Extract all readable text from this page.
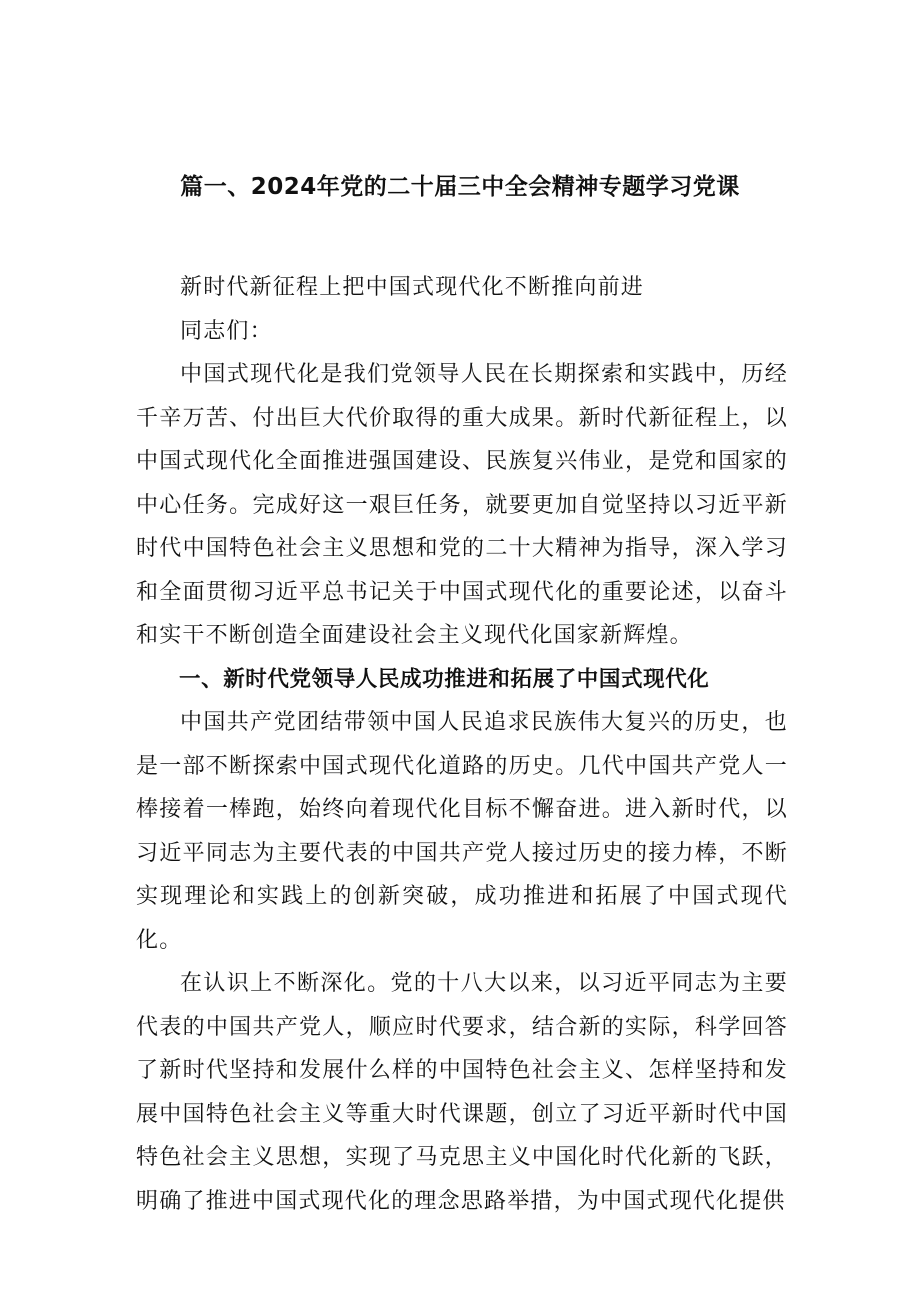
篇一、2024年党的二十届三中全会精神专题学习党课

新时代新征程上把中国式现代化不断推向前进

同志们：

中国式现代化是我们党领导人民在长期探索和实践中，历经千辛万苦、付出巨大代价取得的重大成果。新时代新征程上，以中国式现代化全面推进强国建设、民族复兴伟业，是党和国家的中心任务。完成好这一艰巨任务，就要更加自觉坚持以习近平新时代中国特色社会主义思想和党的二十大精神为指导，深入学习和全面贯彻习近平总书记关于中国式现代化的重要论述，以奋斗和实干不断创造全面建设社会主义现代化国家新辉煌。

一、新时代党领导人民成功推进和拓展了中国式现代化

中国共产党团结带领中国人民追求民族伟大复兴的历史，也是一部不断探索中国式现代化道路的历史。几代中国共产党人一棒接着一棒跑，始终向着现代化目标不懈奋进。进入新时代，以习近平同志为主要代表的中国共产党人接过历史的接力棒，不断实现理论和实践上的创新突破，成功推进和拓展了中国式现代化。

在认识上不断深化。党的十八大以来，以习近平同志为主要代表的中国共产党人，顺应时代要求，结合新的实际，科学回答了新时代坚持和发展什么样的中国特色社会主义、怎样坚持和发展中国特色社会主义等重大时代课题，创立了习近平新时代中国特色社会主义思想，实现了马克思主义中国化时代化新的飞跃，明确了推进中国式现代化的理念思路举措，为中国式现代化提供
